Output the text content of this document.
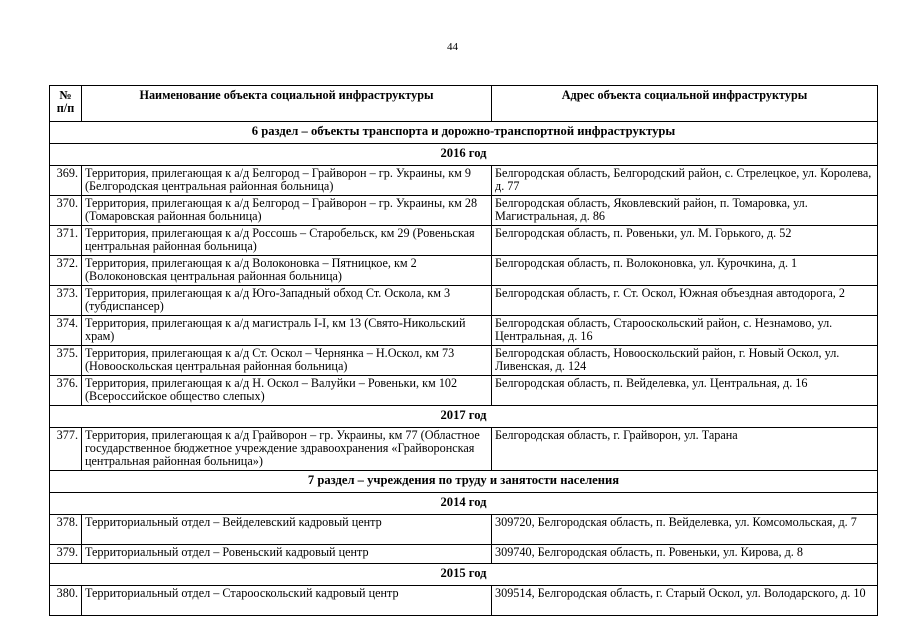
44
№ п/п	Наименование объекта социальной инфраструктуры	Адрес объекта социальной инфраструктуры
6 раздел – объекты транспорта и дорожно-транспортной инфраструктуры		
2016 год		
369.	Территория, прилегающая к а/д Белгород – Грайворон – гр. Украины, км 9 (Белгородская центральная районная больница)	Белгородская область, Белгородский район, с. Стрелецкое, ул. Королева, д. 77
370.	Территория, прилегающая к а/д Белгород – Грайворон – гр. Украины, км 28 (Томаровская районная больница)	Белгородская область, Яковлевский район, п. Томаровка, ул. Магистральная, д. 86
371.	Территория, прилегающая к а/д Россошь – Старобельск, км 29 (Ровеньская центральная районная больница)	Белгородская область, п. Ровеньки, ул. М. Горького, д. 52
372.	Территория, прилегающая к а/д Волоконовка – Пятницкое, км 2 (Волоконовская центральная районная больница)	Белгородская область, п. Волоконовка, ул. Курочкина, д. 1
373.	Территория, прилегающая к а/д Юго-Западный обход Ст. Оскола, км 3 (тубдиспансер)	Белгородская область, г. Ст. Оскол, Южная объездная автодорога, 2
374.	Территория, прилегающая к а/д магистраль I-I, км 13 (Свято-Никольский храм)	Белгородская область, Старооскольский район, с. Незнамово, ул. Центральная, д. 16
375.	Территория, прилегающая к а/д Ст. Оскол – Чернянка – Н.Оскол, км 73 (Новооскольская центральная районная больница)	Белгородская область, Новооскольский район, г. Новый Оскол, ул. Ливенская, д. 124
376.	Территория, прилегающая к а/д Н. Оскол – Валуйки – Ровеньки, км 102 (Всероссийское общество слепых)	Белгородская область, п. Вейделевка, ул. Центральная, д. 16
2017 год		
377.	Территория, прилегающая к а/д Грайворон – гр. Украины, км 77 (Областное государственное бюджетное учреждение здравоохранения «Грайворонская центральная районная больница»)	Белгородская область, г. Грайворон, ул. Тарана
7 раздел – учреждения по труду и занятости населения		
2014 год		
378.	Территориальный отдел – Вейделевский кадровый центр	309720, Белгородская область, п. Вейделевка, ул. Комсомольская, д. 7
379.	Территориальный отдел – Ровеньский кадровый центр	309740, Белгородская область, п. Ровеньки, ул. Кирова, д. 8
2015 год		
380.	Территориальный отдел – Старооскольский кадровый центр	309514, Белгородская область, г. Старый Оскол, ул. Володарского, д. 10
